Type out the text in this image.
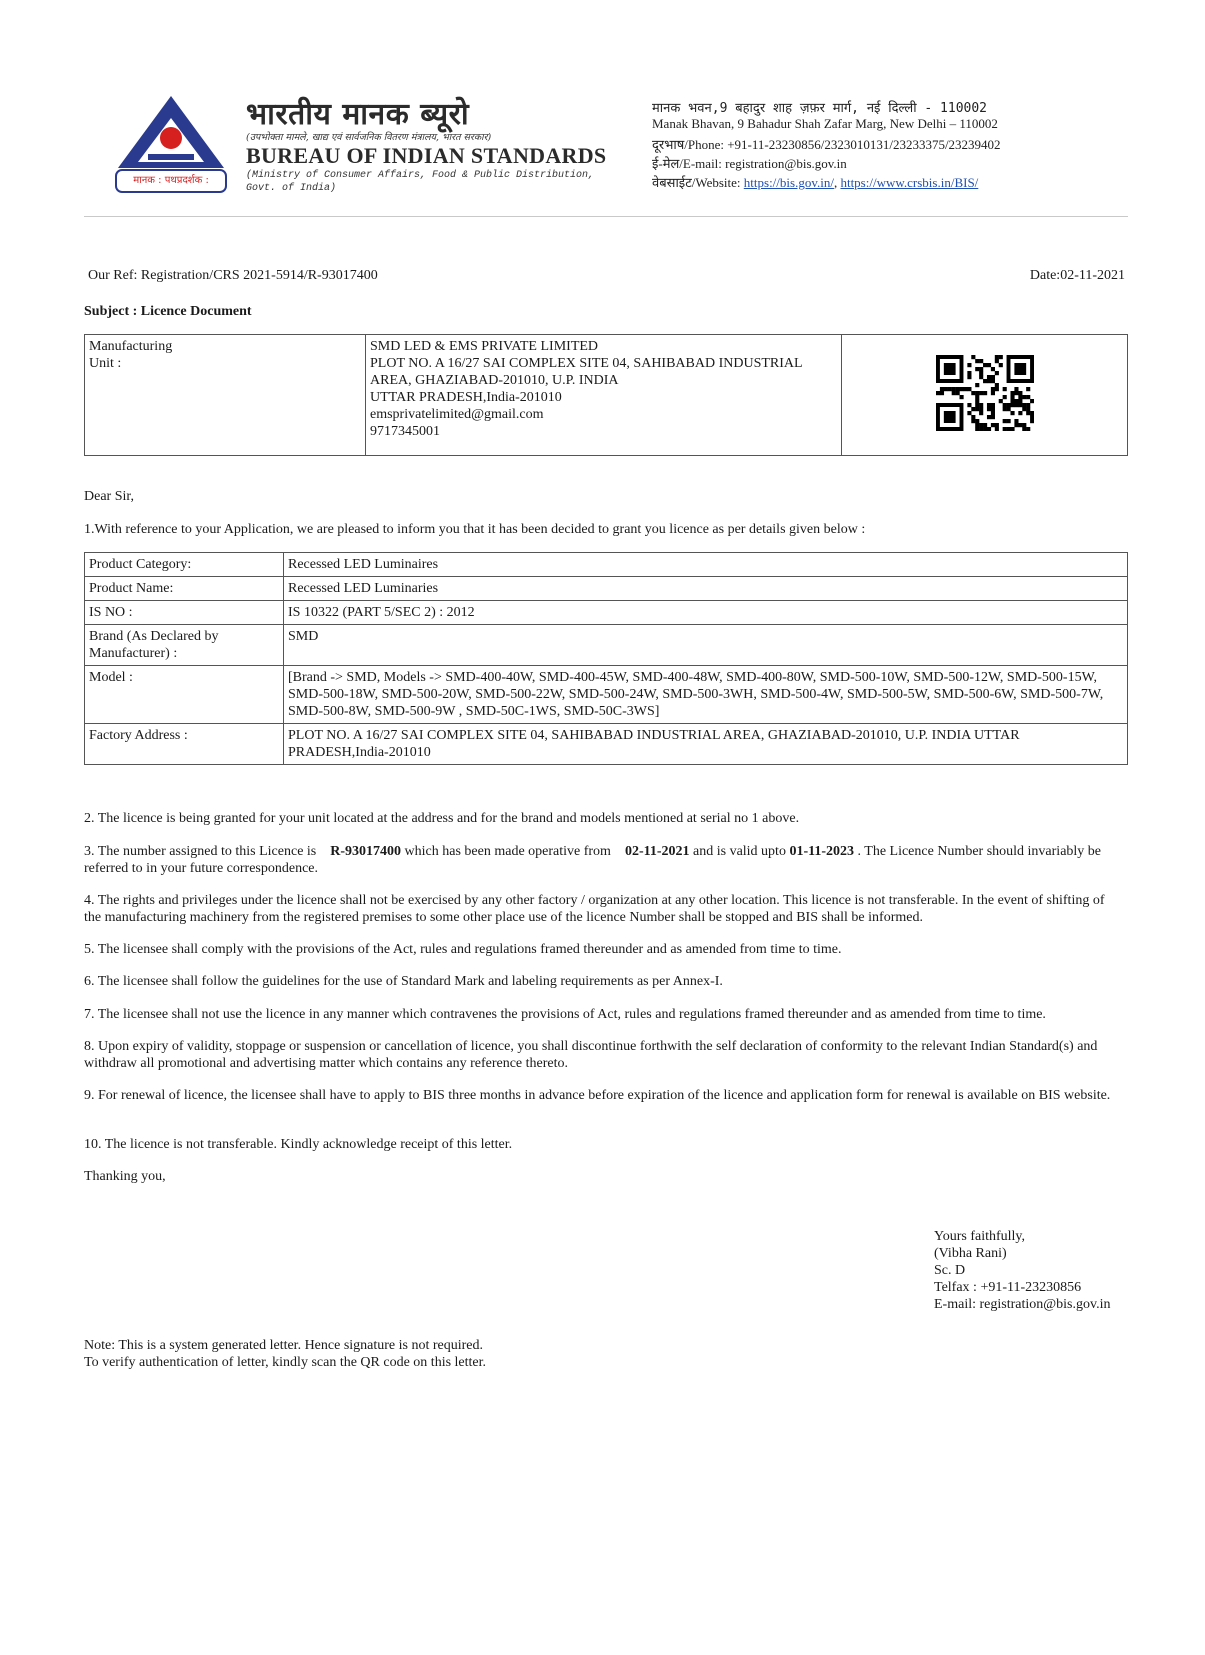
मानक : पथप्रदर्शक :
भारतीय मानक ब्यूरो
(उपभोक्ता मामले, खाद्य एवं सार्वजनिक वितरण मंत्रालय, भारत सरकार)
BUREAU OF INDIAN STANDARDS
(Ministry of Consumer Affairs, Food & Public Distribution, Govt. of India)
मानक भवन,9 बहादुर शाह ज़फ़र मार्ग, नई दिल्ली - 110002
Manak Bhavan, 9 Bahadur Shah Zafar Marg, New Delhi – 110002
दूरभाष/Phone: +91-11-23230856/2323010131/23233375/23239402
ई-मेल/E-mail: registration@bis.gov.in
वेबसाईट/Website: https://bis.gov.in/, https://www.crsbis.in/BIS/
Our Ref: Registration/CRS 2021-5914/R-93017400	Date:02-11-2021
Subject : Licence Document
Manufacturing Unit :

SMD LED & EMS PRIVATE LIMITED
PLOT NO. A 16/27 SAI COMPLEX SITE 04, SAHIBABAD INDUSTRIAL AREA, GHAZIABAD-201010, U.P. INDIA
UTTAR PRADESH,India-201010
emsprivatelimited@gmail.com
9717345001

Dear Sir,
1.With reference to your Application, we are pleased to inform you that it has been decided to grant you licence as per details given below :
Product Category:	Recessed LED Luminaires
Product Name:	Recessed LED Luminaries
IS NO :	IS 10322 (PART 5/SEC 2) : 2012
Brand (As Declared by Manufacturer) :	SMD
Model :	[Brand -> SMD, Models -> SMD-400-40W, SMD-400-45W, SMD-400-48W, SMD-400-80W, SMD-500-10W, SMD-500-12W, SMD-500-15W, SMD-500-18W, SMD-500-20W, SMD-500-22W, SMD-500-24W, SMD-500-3WH, SMD-500-4W, SMD-500-5W, SMD-500-6W, SMD-500-7W, SMD-500-8W, SMD-500-9W , SMD-50C-1WS, SMD-50C-3WS]
Factory Address :	PLOT NO. A 16/27 SAI COMPLEX SITE 04, SAHIBABAD INDUSTRIAL AREA, GHAZIABAD-201010, U.P. INDIA UTTAR PRADESH,India-201010
2. The licence is being granted for your unit located at the address and for the brand and models mentioned at serial no 1 above.
3. The number assigned to this Licence is R-93017400 which has been made operative from 02-11-2021 and is valid upto 01-11-2023 . The Licence Number should invariably be referred to in your future correspondence.
4. The rights and privileges under the licence shall not be exercised by any other factory / organization at any other location. This licence is not transferable. In the event of shifting of the manufacturing machinery from the registered premises to some other place use of the licence Number shall be stopped and BIS shall be informed.
5. The licensee shall comply with the provisions of the Act, rules and regulations framed thereunder and as amended from time to time.
6. The licensee shall follow the guidelines for the use of Standard Mark and labeling requirements as per Annex-I.
7. The licensee shall not use the licence in any manner which contravenes the provisions of Act, rules and regulations framed thereunder and as amended from time to time.
8. Upon expiry of validity, stoppage or suspension or cancellation of licence, you shall discontinue forthwith the self declaration of conformity to the relevant Indian Standard(s) and withdraw all promotional and advertising matter which contains any reference thereto.
9. For renewal of licence, the licensee shall have to apply to BIS three months in advance before expiration of the licence and application form for renewal is available on BIS website.
10. The licence is not transferable. Kindly acknowledge receipt of this letter.
Thanking you,
Yours faithfully,
(Vibha Rani)
Sc. D
Telfax : +91-11-23230856
E-mail: registration@bis.gov.in
Note: This is a system generated letter. Hence signature is not required.
To verify authentication of letter, kindly scan the QR code on this letter.
